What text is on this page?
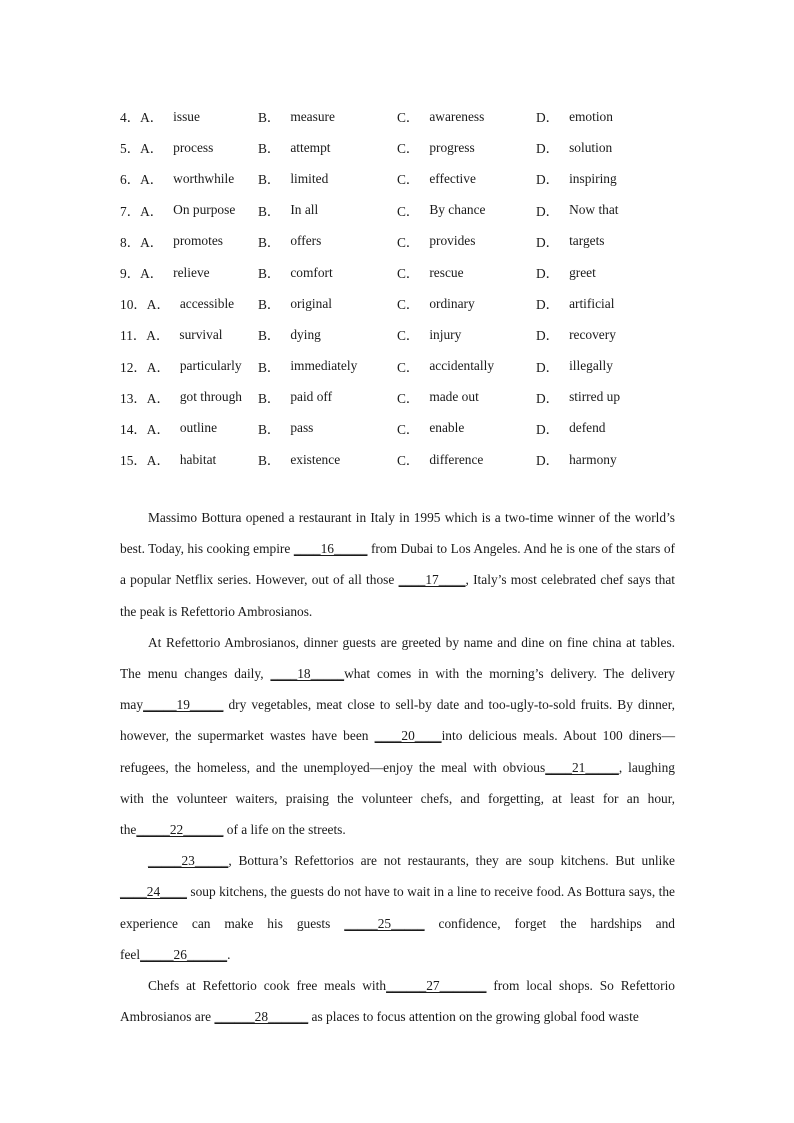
4． A． issue	B． measure	C． awareness	D． emotion
5． A． process	B． attempt	C． progress	D． solution
6． A． worthwhile B． limited	C． effective	D． inspiring
7． A． On purpose B． In all	C． By chance	D． Now that
8． A． promotes	B． offers	C． provides	D． targets
9． A． relieve	B． comfort	C． rescue	D． greet
10． A． accessible B． original	C． ordinary	D． artificial
11． A． survival	B． dying	C． injury	D． recovery
12． A． particularly B． immediately	C． accidentally	D． illegally
13． A． got through B． paid off	C． made out	D． stirred up
14． A． outline	B． pass	C． enable	D． defend
15． A． habitat	B． existence	C． difference	D． harmony

Massimo Bottura opened a restaurant in Italy in 1995 which is a two-time winner of the world’s best. Today, his cooking empire ____16_____ from Dubai to Los Angeles. And he is one of the stars of a popular Netflix series. However, out of all those ____17____, Italy’s most celebrated chef says that the peak is Refettorio Ambrosianos.

At Refettorio Ambrosianos, dinner guests are greeted by name and dine on fine china at tables. The menu changes daily, ____18_____what comes in with the morning’s delivery. The delivery may_____19_____ dry vegetables, meat close to sell-by date and too-ugly-to-sold fruits. By dinner, however, the supermarket wastes have been ____20____into delicious meals. About 100 diners—refugees, the homeless, and the unemployed—enjoy the meal with obvious____21_____, laughing with the volunteer waiters, praising the volunteer chefs, and forgetting, at least for an hour, the_____22______ of a life on the streets.

_____23_____, Bottura’s Refettorios are not restaurants, they are soup kitchens. But unlike ____24____ soup kitchens, the guests do not have to wait in a line to receive food. As Bottura says, the experience can make his guests _____25_____ confidence, forget the hardships and feel_____26______.

Chefs at Refettorio cook free meals with______27_______ from local shops. So Refettorio Ambrosianos are ______28______ as places to focus attention on the growing global food waste
